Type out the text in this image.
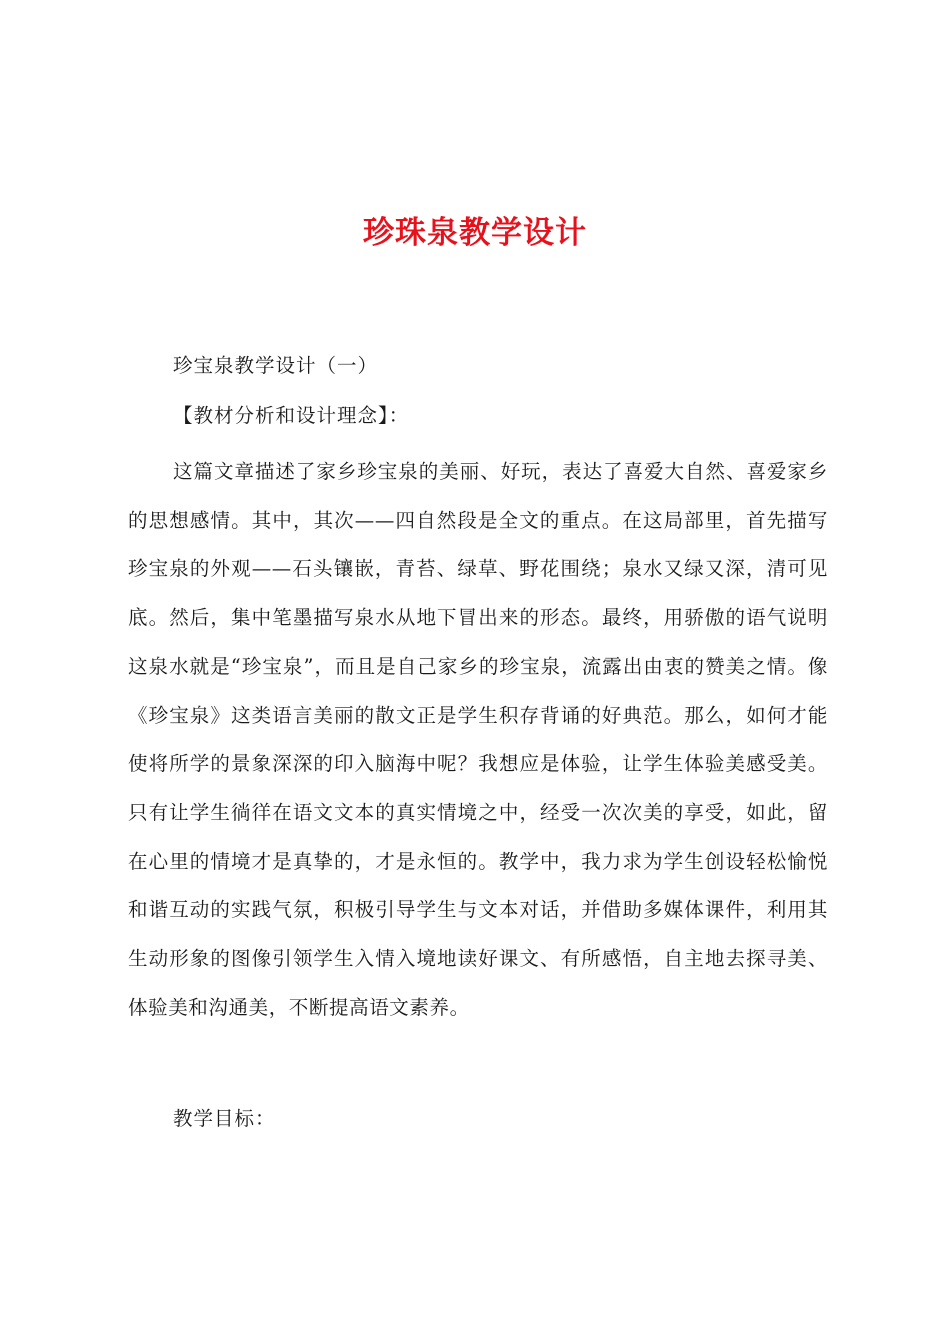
珍珠泉教学设计

珍宝泉教学设计（一）

【教材分析和设计理念】：

这篇文章描述了家乡珍宝泉的美丽、好玩，表达了喜爱大自然、喜爱家乡的思想感情。其中，其次——四自然段是全文的重点。在这局部里，首先描写珍宝泉的外观——石头镶嵌，青苔、绿草、野花围绕；泉水又绿又深，清可见底。然后，集中笔墨描写泉水从地下冒出来的形态。最终，用骄傲的语气说明这泉水就是“珍宝泉”，而且是自己家乡的珍宝泉，流露出由衷的赞美之情。像《珍宝泉》这类语言美丽的散文正是学生积存背诵的好典范。那么，如何才能使将所学的景象深深的印入脑海中呢？我想应是体验，让学生体验美感受美。只有让学生徜徉在语文文本的真实情境之中，经受一次次美的享受，如此，留在心里的情境才是真挚的，才是永恒的。教学中，我力求为学生创设轻松愉悦和谐互动的实践气氛，积极引导学生与文本对话，并借助多媒体课件，利用其生动形象的图像引领学生入情入境地读好课文、有所感悟，自主地去探寻美、体验美和沟通美，不断提高语文素养。

教学目标：
